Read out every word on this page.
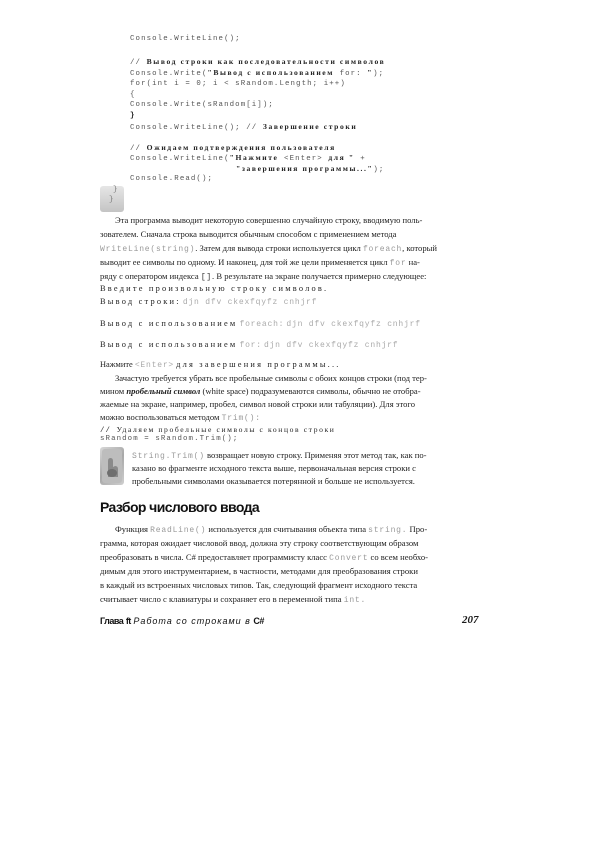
Console.WriteLine();
// Вывод строки как последовательности символов
Console.Write("Вывод с использованием for: ");
for(int i = 0; i < sRandom.Length; i++)
{
Console.Write(sRandom[i]);
}
Console.WriteLine(); // Завершение строки
// Ожидаем подтверждения пользователя
Console.WriteLine("Нажмите <Enter> для " +
"завершения программы...");
Console.Read();
}
}
Эта программа выводит некоторую совершенно случайную строку, вводимую поль-
зователем. Сначала строка выводится обычным способом с применением метода
WriteLine(string). Затем для вывода строки используется цикл foreach, который
выводит ее символы по одному. И наконец, для той же цели применяется цикл for на-
ряду с оператором индекса []. В результате на экране получается примерно следующее:
Введите произвольную строку символов.
Вывод строки: djn dfv ckexfqyfz cnhjrf
Вывод с использованием foreach: djn dfv ckexfqyfz cnhjrf
Вывод с использованием for: djn dfv ckexfqyfz cnhjrf
Нажмите <Enter> для завершения программы...
Зачастую требуется убрать все пробельные символы с обоих концов строки (под тер-
мином пробельный символ (white space) подразумеваются символы, обычно не отобра-
жаемые на экране, например, пробел, символ новой строки или табуляции). Для этого
можно воспользоваться методом Trim():
// Удаляем пробельные символы с концов строки
sRandom = sRandom.Trim();
String.Trim() возвращает новую строку. Применяя этот метод так, как по-
казано во фрагменте исходного текста выше, первоначальная версия строки с
пробельными символами оказывается потерянной и больше не используется.
Разбор числового ввода
Функция ReadLine() используется для считывания объекта типа string. Про-
грамма, которая ожидает числовой ввод, должна эту строку соответствующим образом
преобразовать в числа. C# предоставляет программисту класс Convert со всем необхо-
димым для этого инструментарием, в частности, методами для преобразования строки
в каждый из встроенных числовых типов. Так, следующий фрагмент исходного текста
считывает число с клавиатуры и сохраняет его в переменной типа int.
Глава ft Работа со строками в C#	207
